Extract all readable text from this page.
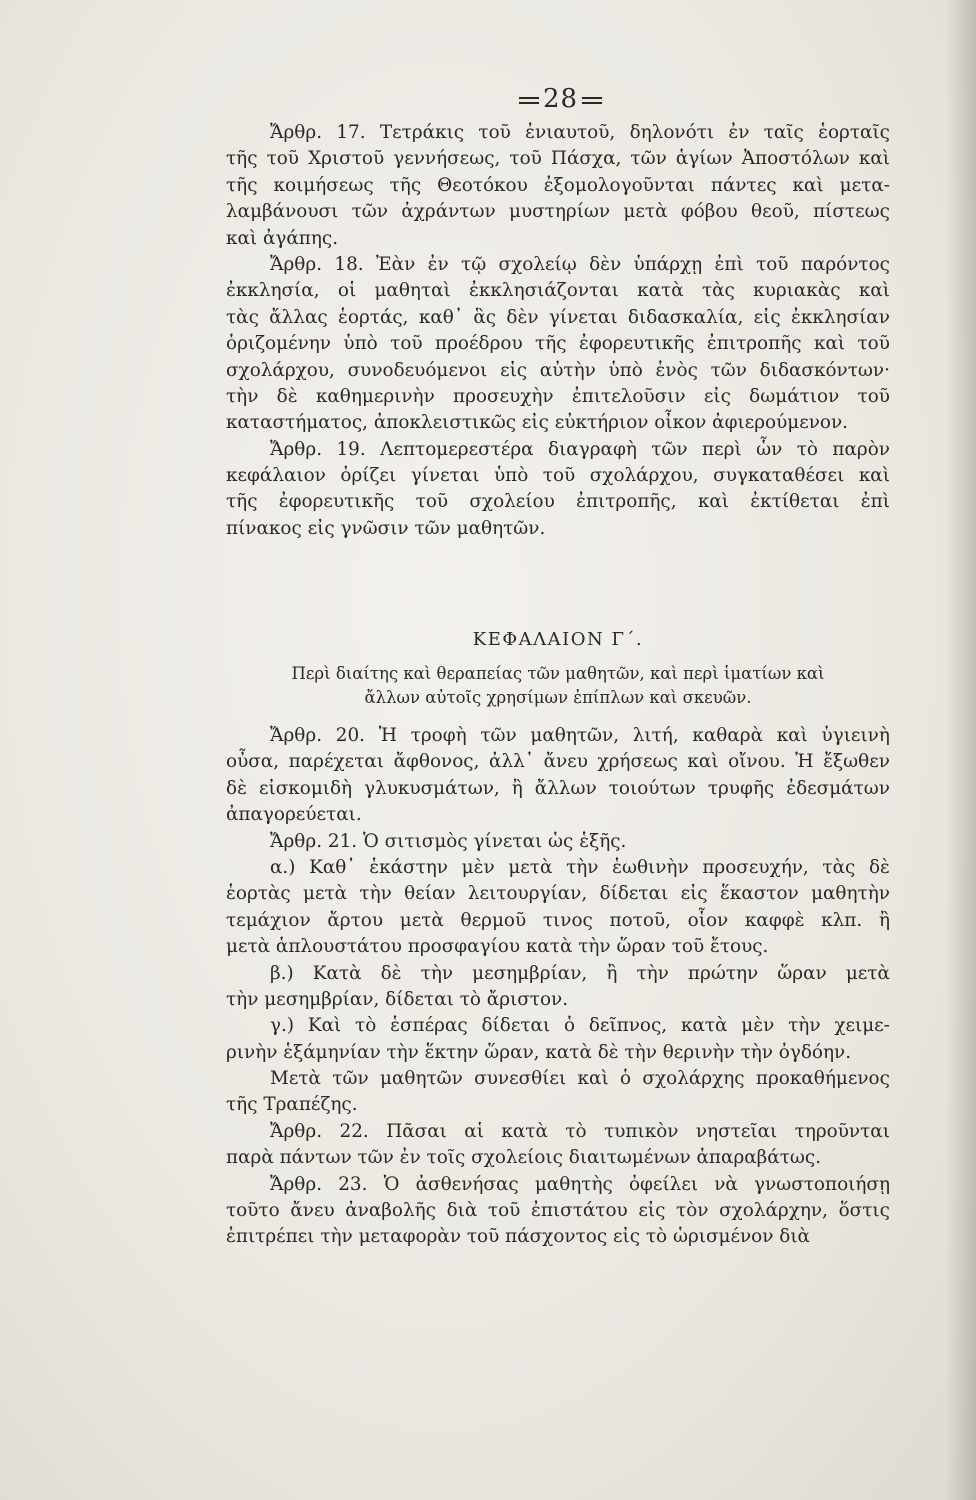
28
Ἄρθρ. 17. Τετράκις τοῦ ἐνιαυτοῦ, δηλονότι ἐν ταῖς ἑορταῖς
τῆς τοῦ Χριστοῦ γεννήσεως, τοῦ Πάσχα, τῶν ἁγίων Ἀποστόλων καὶ
τῆς κοιμήσεως τῆς Θεοτόκου ἐξομολογοῦνται πάντες καὶ μετα-
λαμβάνουσι τῶν ἀχράντων μυστηρίων μετὰ φόβου θεοῦ, πίστεως
καὶ ἀγάπης.
Ἄρθρ. 18. Ἐὰν ἐν τῷ σχολείῳ δὲν ὑπάρχῃ ἐπὶ τοῦ παρόντος
ἐκκλησία, οἱ μαθηταὶ ἐκκλησιάζονται κατὰ τὰς κυριακὰς καὶ
τὰς ἄλλας ἑορτάς, καθ᾽ ἃς δὲν γίνεται διδασκαλία, εἰς ἐκκλησίαν
ὁριζομένην ὑπὸ τοῦ προέδρου τῆς ἐφορευτικῆς ἐπιτροπῆς καὶ τοῦ
σχολάρχου, συνοδευόμενοι εἰς αὐτὴν ὑπὸ ἑνὸς τῶν διδασκόντων·
τὴν δὲ καθημερινὴν προσευχὴν ἐπιτελοῦσιν εἰς δωμάτιον τοῦ
καταστήματος, ἀποκλειστικῶς εἰς εὐκτήριον οἶκον ἀφιερούμενον.
Ἄρθρ. 19. Λεπτομερεστέρα διαγραφὴ τῶν περὶ ὧν τὸ παρὸν
κεφάλαιον ὁρίζει γίνεται ὑπὸ τοῦ σχολάρχου, συγκαταθέσει καὶ
τῆς ἐφορευτικῆς τοῦ σχολείου ἐπιτροπῆς, καὶ ἐκτίθεται ἐπὶ
πίνακος εἰς γνῶσιν τῶν μαθητῶν.
ΚΕΦΑΛΑΙΟΝ Γ΄.
Περὶ διαίτης καὶ θεραπείας τῶν μαθητῶν, καὶ περὶ ἱματίων καὶ
ἄλλων αὐτοῖς χρησίμων ἐπίπλων καὶ σκευῶν.
Ἄρθρ. 20. Ἡ τροφὴ τῶν μαθητῶν, λιτή, καθαρὰ καὶ ὑγιεινὴ
οὖσα, παρέχεται ἄφθονος, ἀλλ᾽ ἄνευ χρήσεως καὶ οἴνου. Ἡ ἔξωθεν
δὲ εἰσκομιδὴ γλυκυσμάτων, ἢ ἄλλων τοιούτων τρυφῆς ἐδεσμάτων
ἀπαγορεύεται.
Ἄρθρ. 21. Ὁ σιτισμὸς γίνεται ὡς ἑξῆς.
α.) Καθ᾽ ἑκάστην μὲν μετὰ τὴν ἑωθινὴν προσευχήν, τὰς δὲ
ἑορτὰς μετὰ τὴν θείαν λειτουργίαν, δίδεται εἰς ἕκαστον μαθητὴν
τεμάχιον ἄρτου μετὰ θερμοῦ τινος ποτοῦ, οἷον καφφὲ κλπ. ἢ
μετὰ ἁπλουστάτου προσφαγίου κατὰ τὴν ὥραν τοῦ ἔτους.
β.) Κατὰ δὲ τὴν μεσημβρίαν, ἢ τὴν πρώτην ὥραν μετὰ
τὴν μεσημβρίαν, δίδεται τὸ ἄριστον.
γ.) Καὶ τὸ ἑσπέρας δίδεται ὁ δεῖπνος, κατὰ μὲν τὴν χειμε-
ρινὴν ἑξάμηνίαν τὴν ἕκτην ὥραν, κατὰ δὲ τὴν θερινὴν τὴν ὀγδόην.
Μετὰ τῶν μαθητῶν συνεσθίει καὶ ὁ σχολάρχης προκαθήμενος
τῆς Τραπέζης.
Ἄρθρ. 22. Πᾶσαι αἱ κατὰ τὸ τυπικὸν νηστεῖαι τηροῦνται
παρὰ πάντων τῶν ἐν τοῖς σχολείοις διαιτωμένων ἀπαραβάτως.
Ἄρθρ. 23. Ὁ ἀσθενήσας μαθητὴς ὀφείλει νὰ γνωστοποιήσῃ
τοῦτο ἄνευ ἀναβολῆς διὰ τοῦ ἐπιστάτου εἰς τὸν σχολάρχην, ὅστις
ἐπιτρέπει τὴν μεταφορὰν τοῦ πάσχοντος εἰς τὸ ὡρισμένον διὰ
